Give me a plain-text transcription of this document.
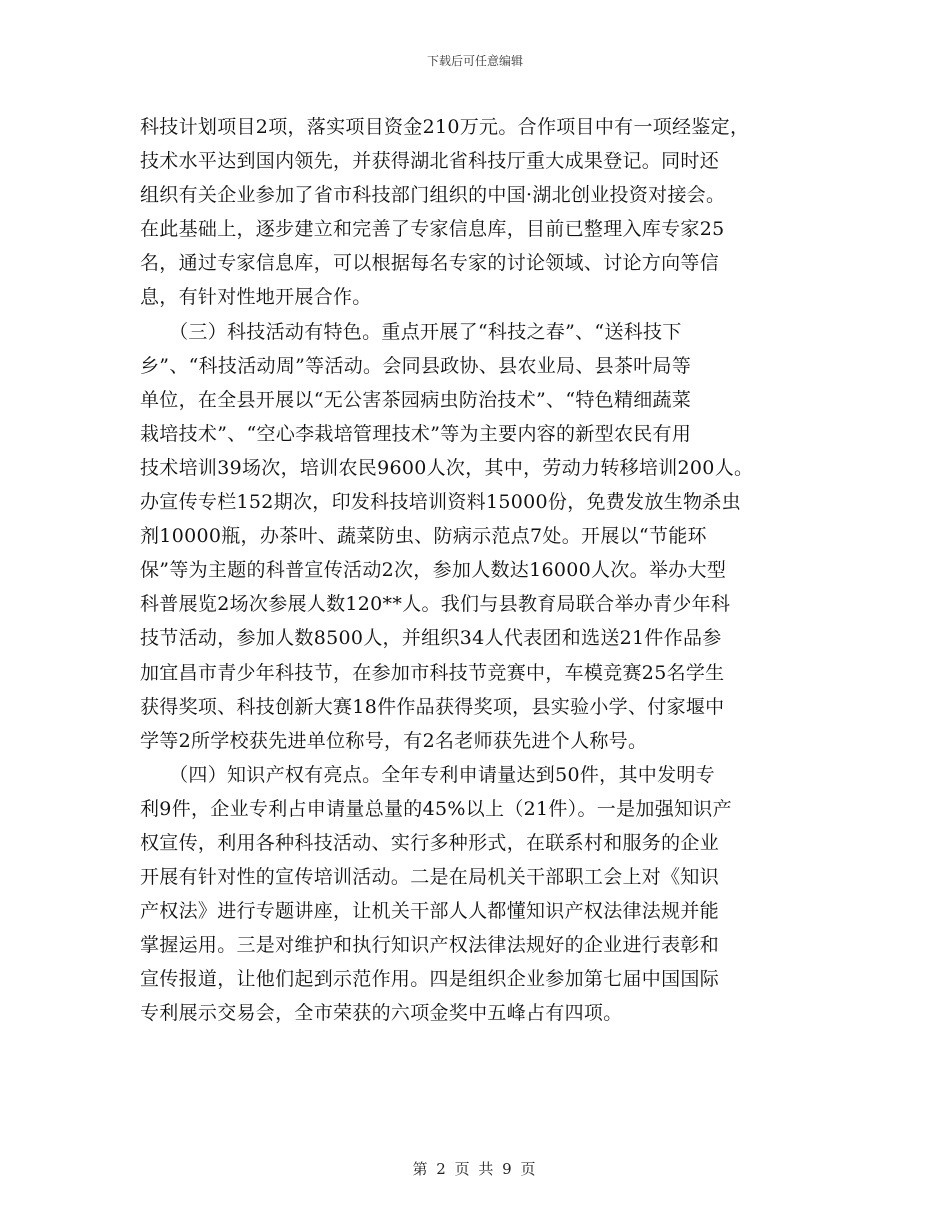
下载后可任意编辑
科技计划项目2项，落实项目资金210万元。合作项目中有一项经鉴定，
技术水平达到国内领先，并获得湖北省科技厅重大成果登记。同时还
组织有关企业参加了省市科技部门组织的中国·湖北创业投资对接会。
在此基础上，逐步建立和完善了专家信息库，目前已整理入库专家25
名，通过专家信息库，可以根据每名专家的讨论领域、讨论方向等信
息，有针对性地开展合作。
　　（三）科技活动有特色。重点开展了“科技之春”、“送科技下
乡”、“科技活动周”等活动。会同县政协、县农业局、县茶叶局等
单位，在全县开展以“无公害茶园病虫防治技术”、“特色精细蔬菜
栽培技术”、“空心李栽培管理技术”等为主要内容的新型农民有用
技术培训39场次，培训农民9600人次，其中，劳动力转移培训200人。
办宣传专栏152期次，印发科技培训资料15000份，免费发放生物杀虫
剂10000瓶，办茶叶、蔬菜防虫、防病示范点7处。开展以“节能环
保”等为主题的科普宣传活动2次，参加人数达16000人次。举办大型
科普展览2场次参展人数120**人。我们与县教育局联合举办青少年科
技节活动，参加人数8500人，并组织34人代表团和选送21件作品参
加宜昌市青少年科技节，在参加市科技节竞赛中，车模竞赛25名学生
获得奖项、科技创新大赛18件作品获得奖项，县实验小学、付家堰中
学等2所学校获先进单位称号，有2名老师获先进个人称号。
　　（四）知识产权有亮点。全年专利申请量达到50件，其中发明专
利9件，企业专利占申请量总量的45%以上（21件）。一是加强知识产
权宣传，利用各种科技活动、实行多种形式，在联系村和服务的企业
开展有针对性的宣传培训活动。二是在局机关干部职工会上对《知识
产权法》进行专题讲座，让机关干部人人都懂知识产权法律法规并能
掌握运用。三是对维护和执行知识产权法律法规好的企业进行表彰和
宣传报道，让他们起到示范作用。四是组织企业参加第七届中国国际
专利展示交易会，全市荣获的六项金奖中五峰占有四项。
第 2 页 共 9 页
